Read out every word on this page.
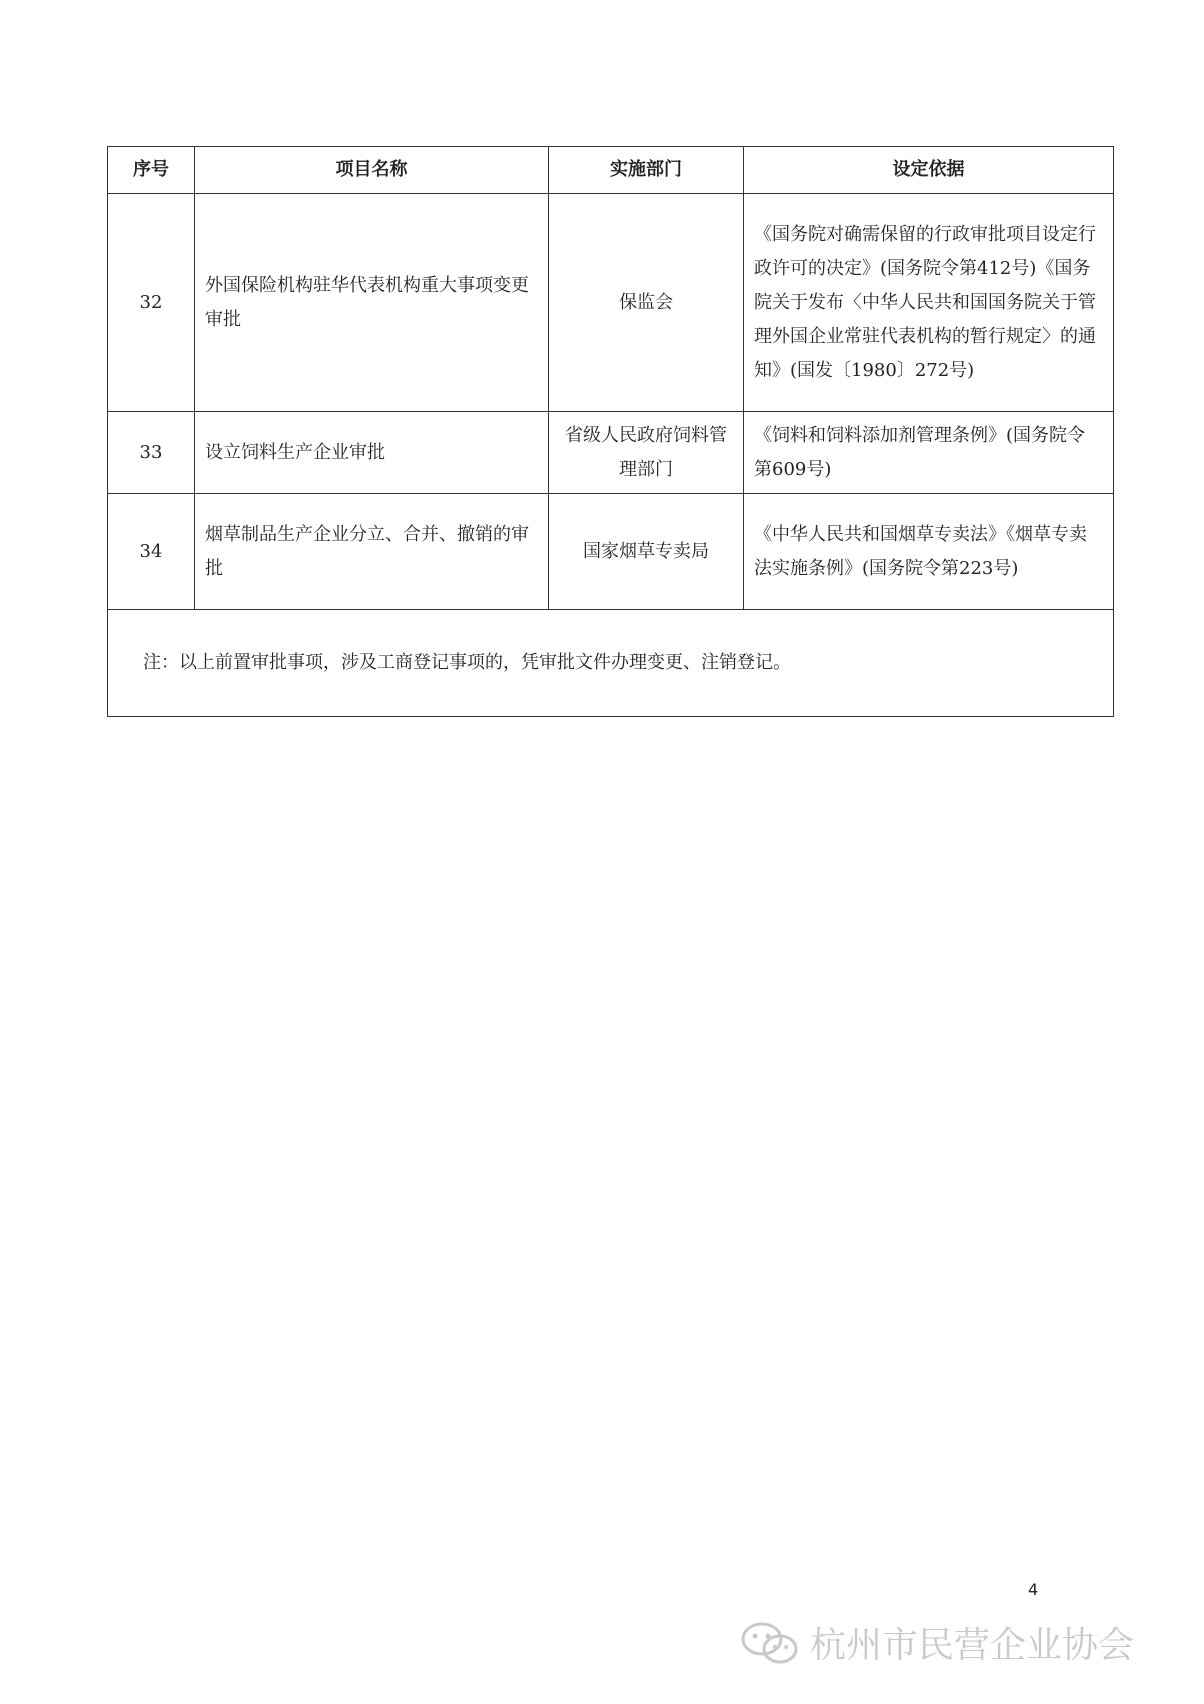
序号	项目名称	实施部门	设定依据
32	外国保险机构驻华代表机构重大事项变更审批	保监会	《国务院对确需保留的行政审批项目设定行政许可的决定》(国务院令第412号)《国务院关于发布〈中华人民共和国国务院关于管理外国企业常驻代表机构的暂行规定〉的通知》(国发〔1980〕272号)
33	设立饲料生产企业审批	省级人民政府饲料管理部门	《饲料和饲料添加剂管理条例》(国务院令第609号)
34	烟草制品生产企业分立、合并、撤销的审批	国家烟草专卖局	《中华人民共和国烟草专卖法》《烟草专卖法实施条例》(国务院令第223号)
注：以上前置审批事项，涉及工商登记事项的，凭审批文件办理变更、注销登记。			
4
杭州市民营企业协会
